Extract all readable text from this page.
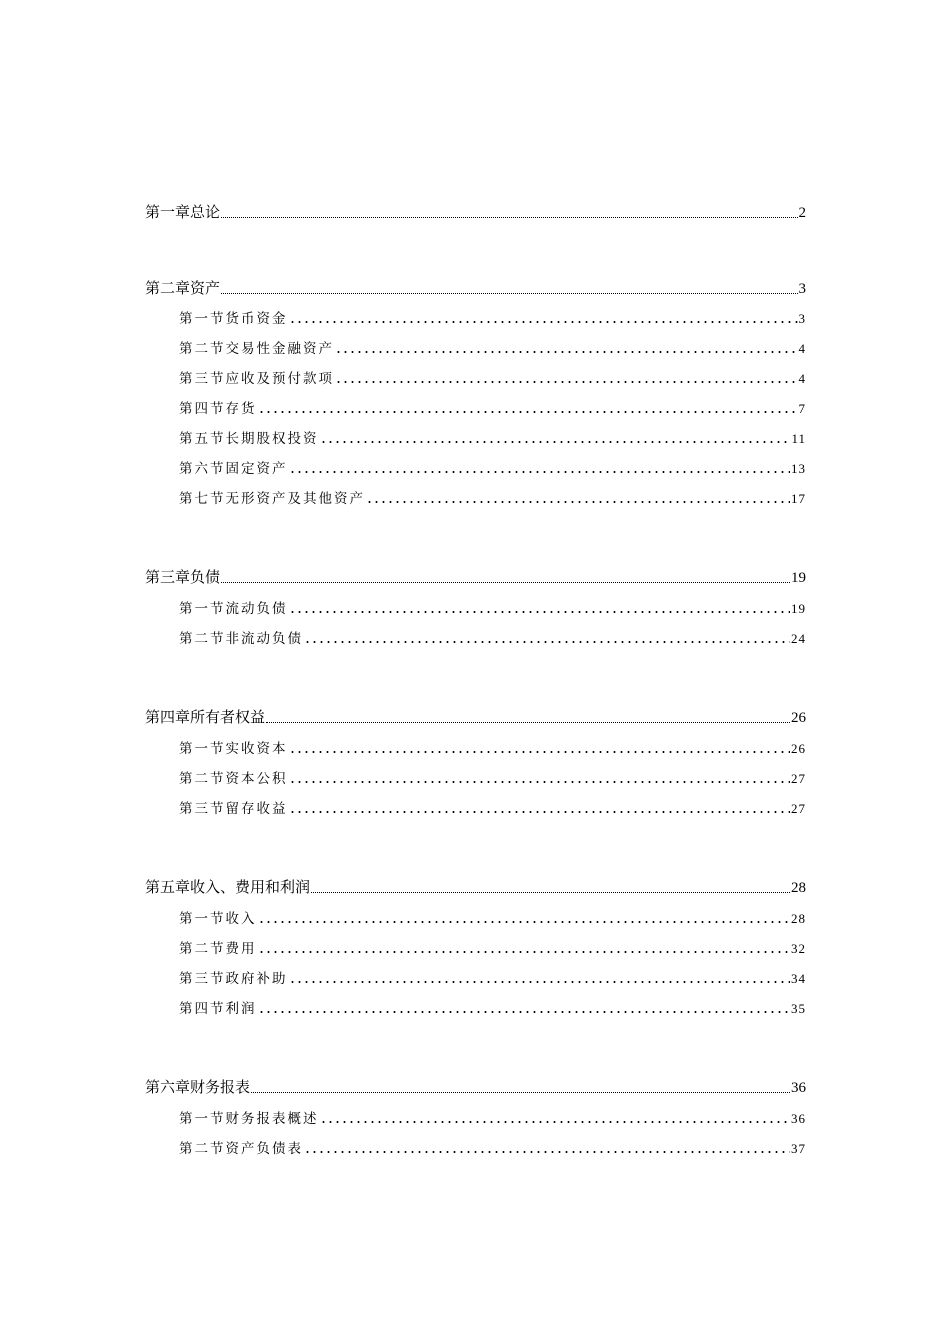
第一章总论	2
第二章资产	3
第一节货币资金	3
第二节交易性金融资产	4
第三节应收及预付款项	4
第四节存货	7
第五节长期股权投资	11
第六节固定资产	13
第七节无形资产及其他资产	17
第三章负债	19
第一节流动负债	19
第二节非流动负债	24
第四章所有者权益	26
第一节实收资本	26
第二节资本公积	27
第三节留存收益	27
第五章收入、费用和利润	28
第一节收入	28
第二节费用	32
第三节政府补助	34
第四节利润	35
第六章财务报表	36
第一节财务报表概述	36
第二节资产负债表	37
